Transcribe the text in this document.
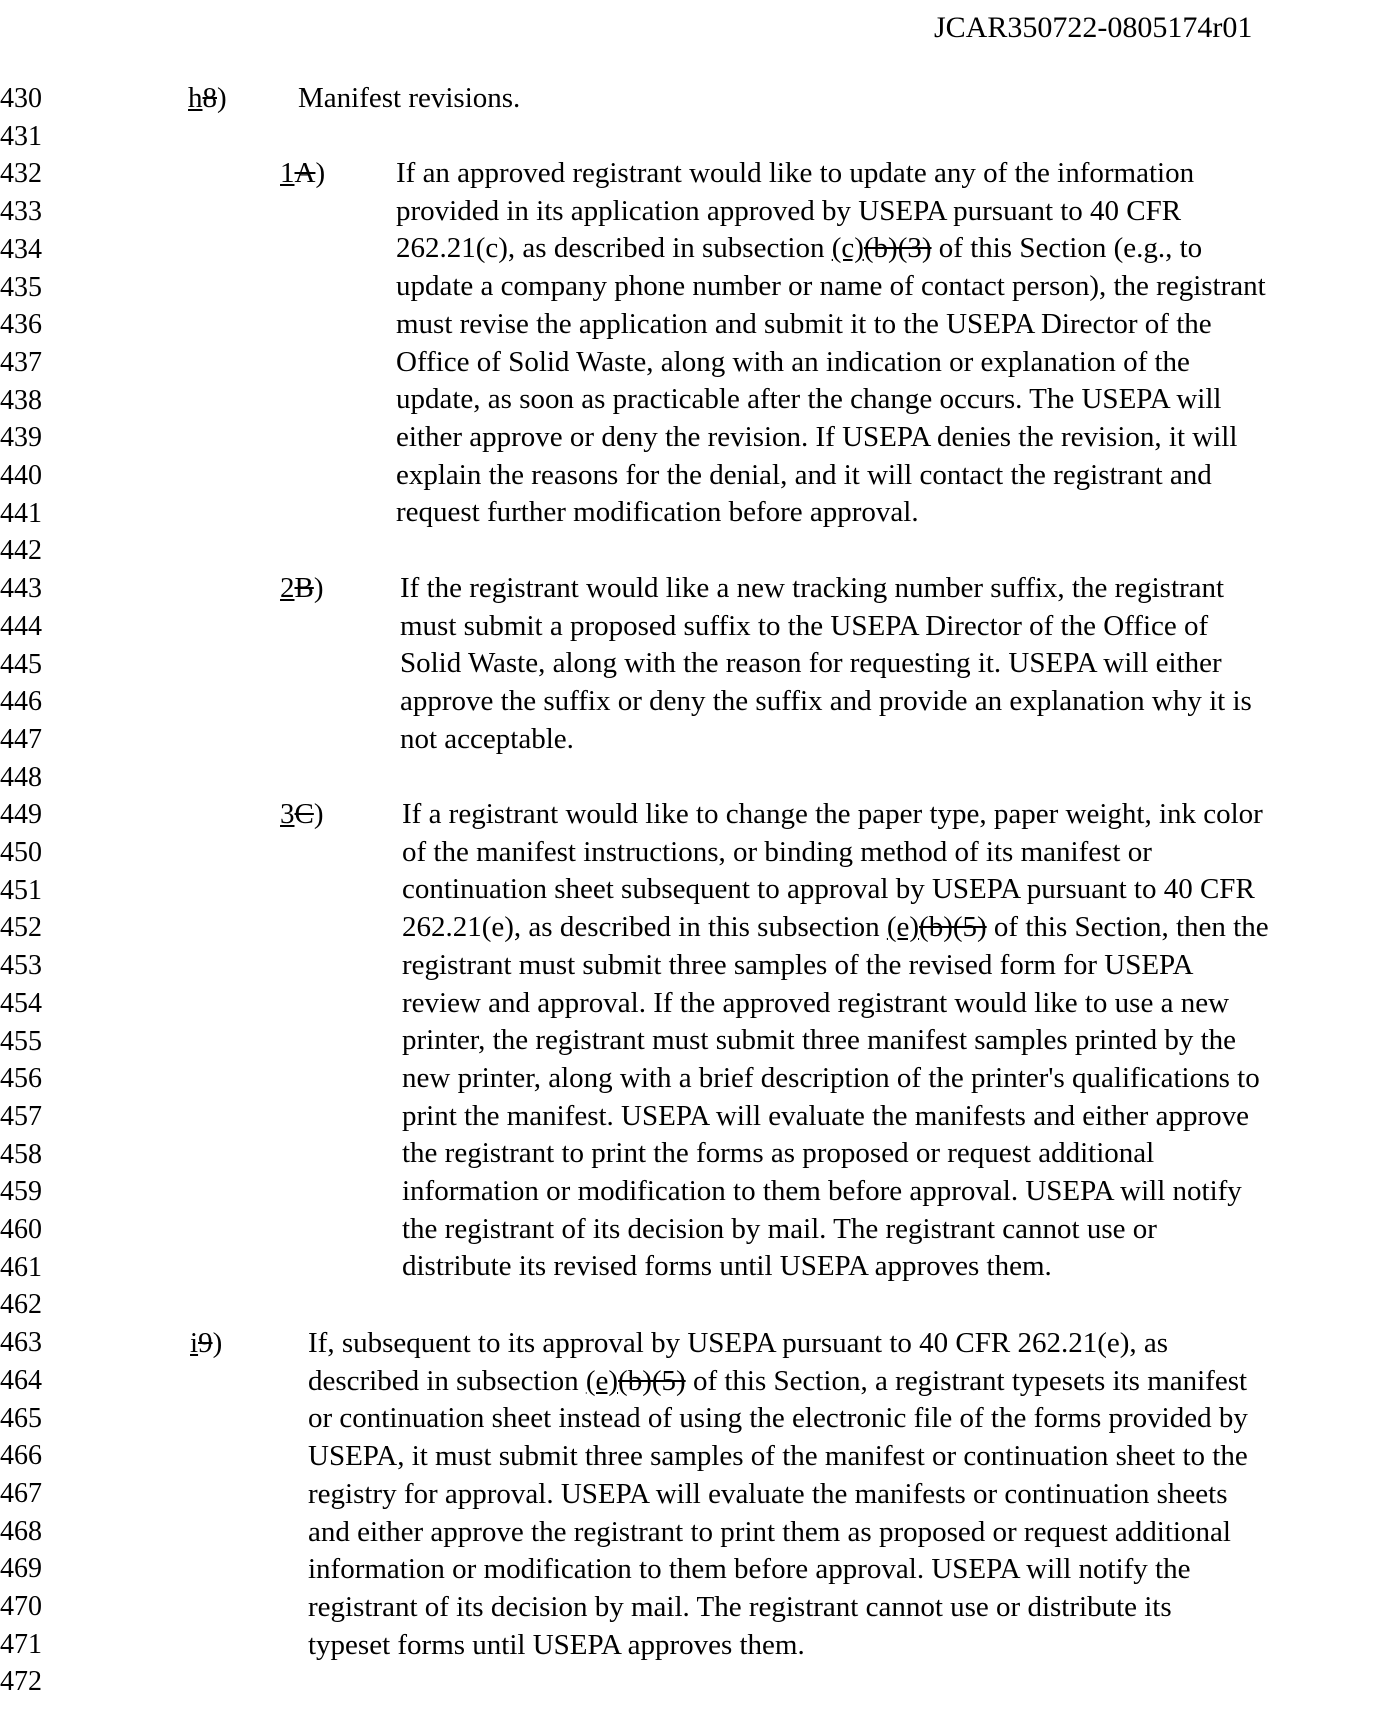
JCAR350722-0805174r01
430
431
432
433
434
435
436
437
438
439
440
441
442
443
444
445
446
447
448
449
450
451
452
453
454
455
456
457
458
459
460
461
462
463
464
465
466
467
468
469
470
471
472
h8) Manifest revisions.
1A) If an approved registrant would like to update any of the information
provided in its application approved by USEPA pursuant to 40 CFR
262.21(c), as described in subsection (c)(b)(3) of this Section (e.g., to
update a company phone number or name of contact person), the registrant
must revise the application and submit it to the USEPA Director of the
Office of Solid Waste, along with an indication or explanation of the
update, as soon as practicable after the change occurs. The USEPA will
either approve or deny the revision. If USEPA denies the revision, it will
explain the reasons for the denial, and it will contact the registrant and
request further modification before approval.
2B)	If the registrant would like a new tracking number suffix, the registrant
must submit a proposed suffix to the USEPA Director of the Office of
Solid Waste, along with the reason for requesting it. USEPA will either
approve the suffix or deny the suffix and provide an explanation why it is
not acceptable.
3C)	If a registrant would like to change the paper type, paper weight, ink color
of the manifest instructions, or binding method of its manifest or
continuation sheet subsequent to approval by USEPA pursuant to 40 CFR
262.21(e), as described in this subsection (e)(b)(5) of this Section, then the
registrant must submit three samples of the revised form for USEPA
review and approval. If the approved registrant would like to use a new
printer, the registrant must submit three manifest samples printed by the
new printer, along with a brief description of the printer's qualifications to
print the manifest. USEPA will evaluate the manifests and either approve
the registrant to print the forms as proposed or request additional
information or modification to them before approval. USEPA will notify
the registrant of its decision by mail. The registrant cannot use or
distribute its revised forms until USEPA approves them.
i9)	If, subsequent to its approval by USEPA pursuant to 40 CFR 262.21(e), as
described in subsection (e)(b)(5) of this Section, a registrant typesets its manifest
or continuation sheet instead of using the electronic file of the forms provided by
USEPA, it must submit three samples of the manifest or continuation sheet to the
registry for approval. USEPA will evaluate the manifests or continuation sheets
and either approve the registrant to print them as proposed or request additional
information or modification to them before approval. USEPA will notify the
registrant of its decision by mail. The registrant cannot use or distribute its
typeset forms until USEPA approves them.
